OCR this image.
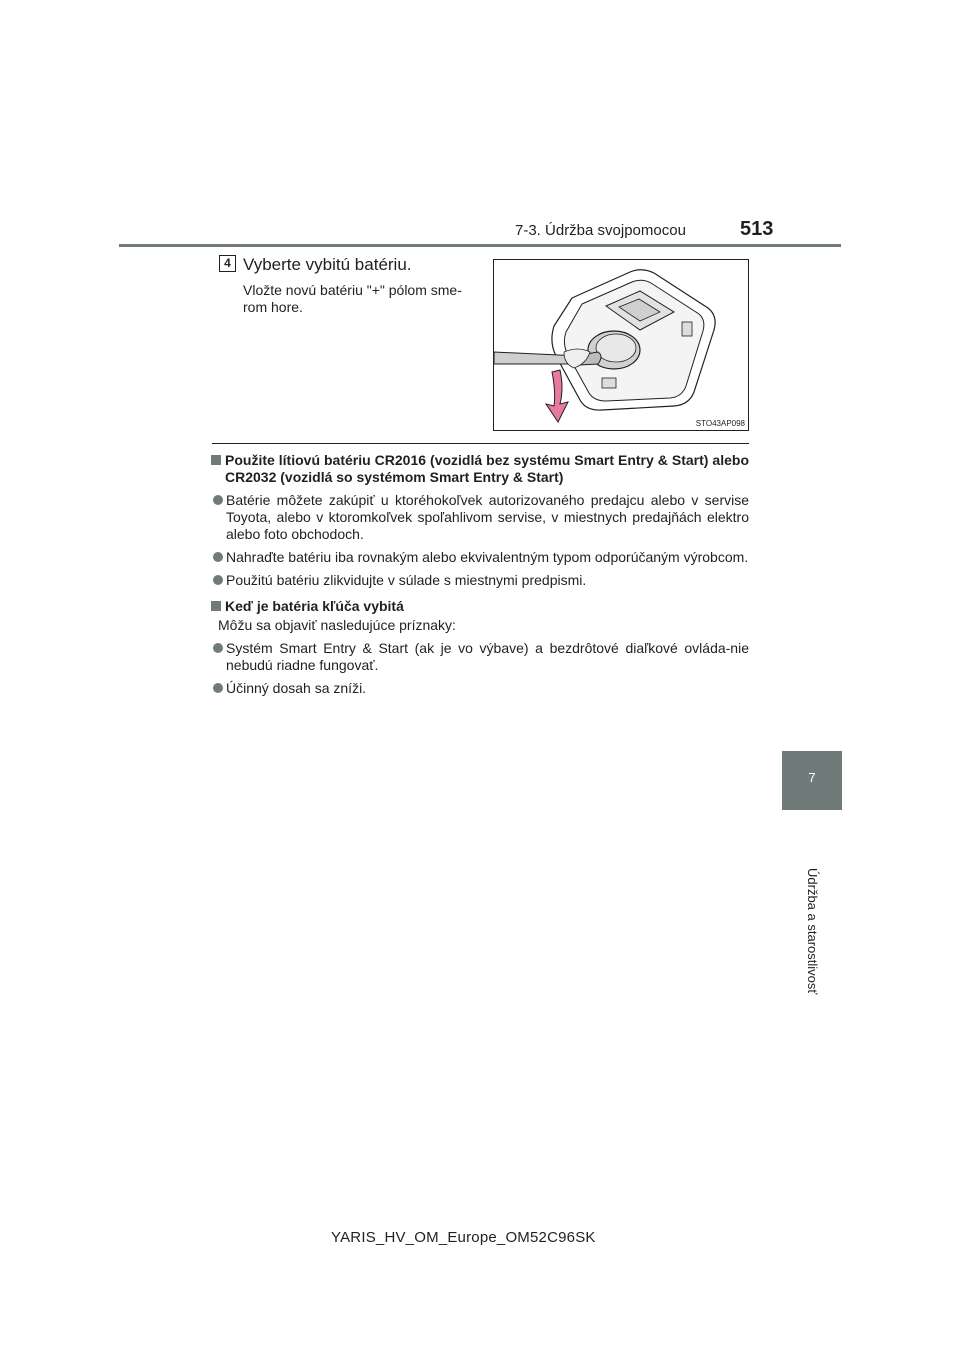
7-3. Údržba svojpomocou	513
7
Údržba a starostlivosť
4 Vyberte vybitú batériu.
Vložte novú batériu "+" pólom sme-rom hore.
STO43AP098
Použite lítiovú batériu CR2016 (vozidlá bez systému Smart Entry & Start) alebo CR2032 (vozidlá so systémom Smart Entry & Start)
Batérie môžete zakúpiť u ktoréhokoľvek autorizovaného predajcu alebo v servise Toyota, alebo v ktoromkoľvek spoľahlivom servise, v miestnych predajňách elektro alebo foto obchodoch.
Nahraďte batériu iba rovnakým alebo ekvivalentným typom odporúčaným výrobcom.
Použitú batériu zlikvidujte v súlade s miestnymi predpismi.
Keď je batéria kľúča vybitá
Môžu sa objaviť nasledujúce príznaky:
Systém Smart Entry & Start (ak je vo výbave) a bezdrôtové diaľkové ovláda-nie nebudú riadne fungovať.
Účinný dosah sa zníži.
YARIS_HV_OM_Europe_OM52C96SK
